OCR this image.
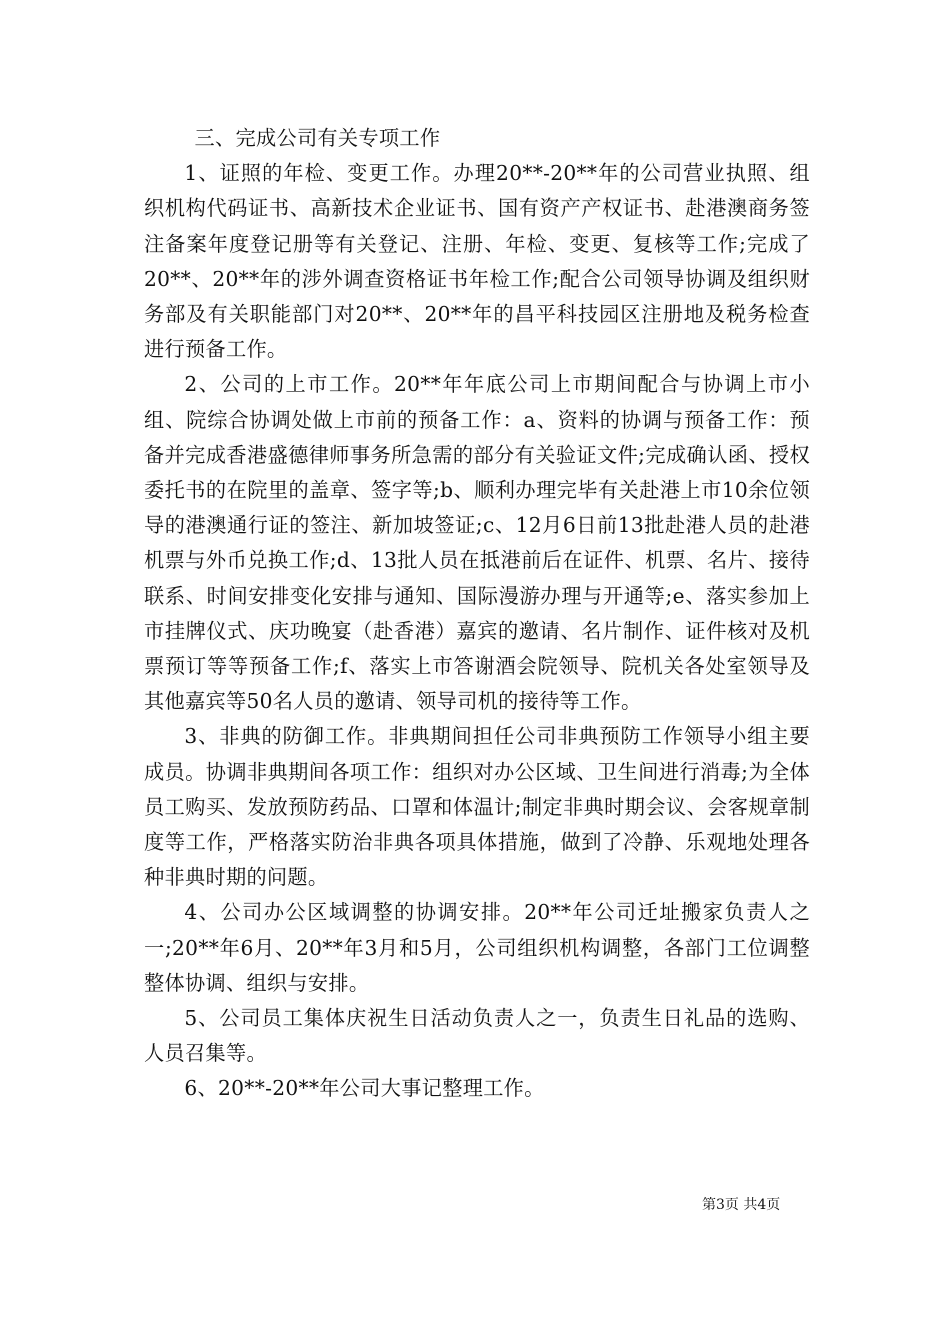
三、完成公司有关专项工作

1、证照的年检、变更工作。办理20**-20**年的公司营业执照、组织机构代码证书、高新技术企业证书、国有资产产权证书、赴港澳商务签注备案年度登记册等有关登记、注册、年检、变更、复核等工作;完成了20**、20**年的涉外调查资格证书年检工作;配合公司领导协调及组织财务部及有关职能部门对20**、20**年的昌平科技园区注册地及税务检查进行预备工作。

2、公司的上市工作。20**年年底公司上市期间配合与协调上市小组、院综合协调处做上市前的预备工作：a、资料的协调与预备工作：预备并完成香港盛德律师事务所急需的部分有关验证文件;完成确认函、授权委托书的在院里的盖章、签字等;b、顺利办理完毕有关赴港上市10余位领导的港澳通行证的签注、新加坡签证;c、12月6日前13批赴港人员的赴港机票与外币兑换工作;d、13批人员在抵港前后在证件、机票、名片、接待联系、时间安排变化安排与通知、国际漫游办理与开通等;e、落实参加上市挂牌仪式、庆功晚宴（赴香港）嘉宾的邀请、名片制作、证件核对及机票预订等等预备工作;f、落实上市答谢酒会院领导、院机关各处室领导及其他嘉宾等50名人员的邀请、领导司机的接待等工作。

3、非典的防御工作。非典期间担任公司非典预防工作领导小组主要成员。协调非典期间各项工作：组织对办公区域、卫生间进行消毒;为全体员工购买、发放预防药品、口罩和体温计;制定非典时期会议、会客规章制度等工作，严格落实防治非典各项具体措施，做到了冷静、乐观地处理各种非典时期的问题。

4、公司办公区域调整的协调安排。20**年公司迁址搬家负责人之一;20**年6月、20**年3月和5月，公司组织机构调整，各部门工位调整整体协调、组织与安排。

5、公司员工集体庆祝生日活动负责人之一，负责生日礼品的选购、人员召集等。

6、20**-20**年公司大事记整理工作。

第3页 共4页
